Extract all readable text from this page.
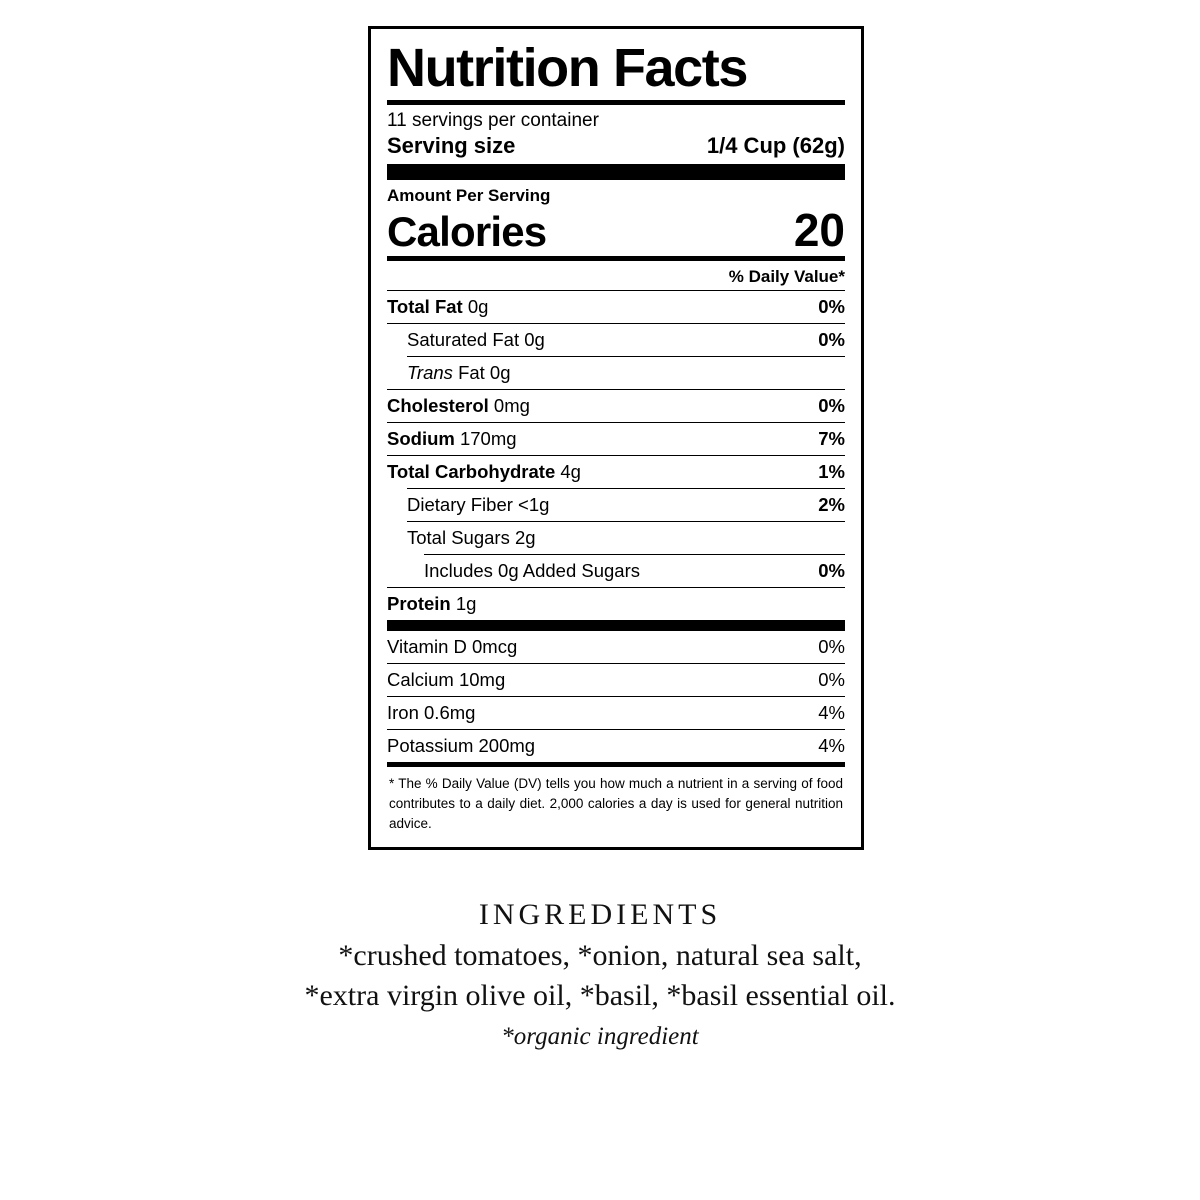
Nutrition Facts
11 servings per container
Serving size	1/4 Cup (62g)
Amount Per Serving
Calories	20
% Daily Value*
Total Fat 0g	0%
Saturated Fat 0g	0%
Trans Fat 0g
Cholesterol 0mg	0%
Sodium 170mg	7%
Total Carbohydrate 4g	1%
Dietary Fiber <1g	2%
Total Sugars 2g
Includes 0g Added Sugars	0%
Protein 1g
Vitamin D 0mcg	0%
Calcium 10mg	0%
Iron 0.6mg	4%
Potassium 200mg	4%
* The % Daily Value (DV) tells you how much a nutrient in a serving of food contributes to a daily diet. 2,000 calories a day is used for general nutrition advice.
INGREDIENTS
*crushed tomatoes, *onion, natural sea salt,
*extra virgin olive oil, *basil, *basil essential oil.
*organic ingredient
